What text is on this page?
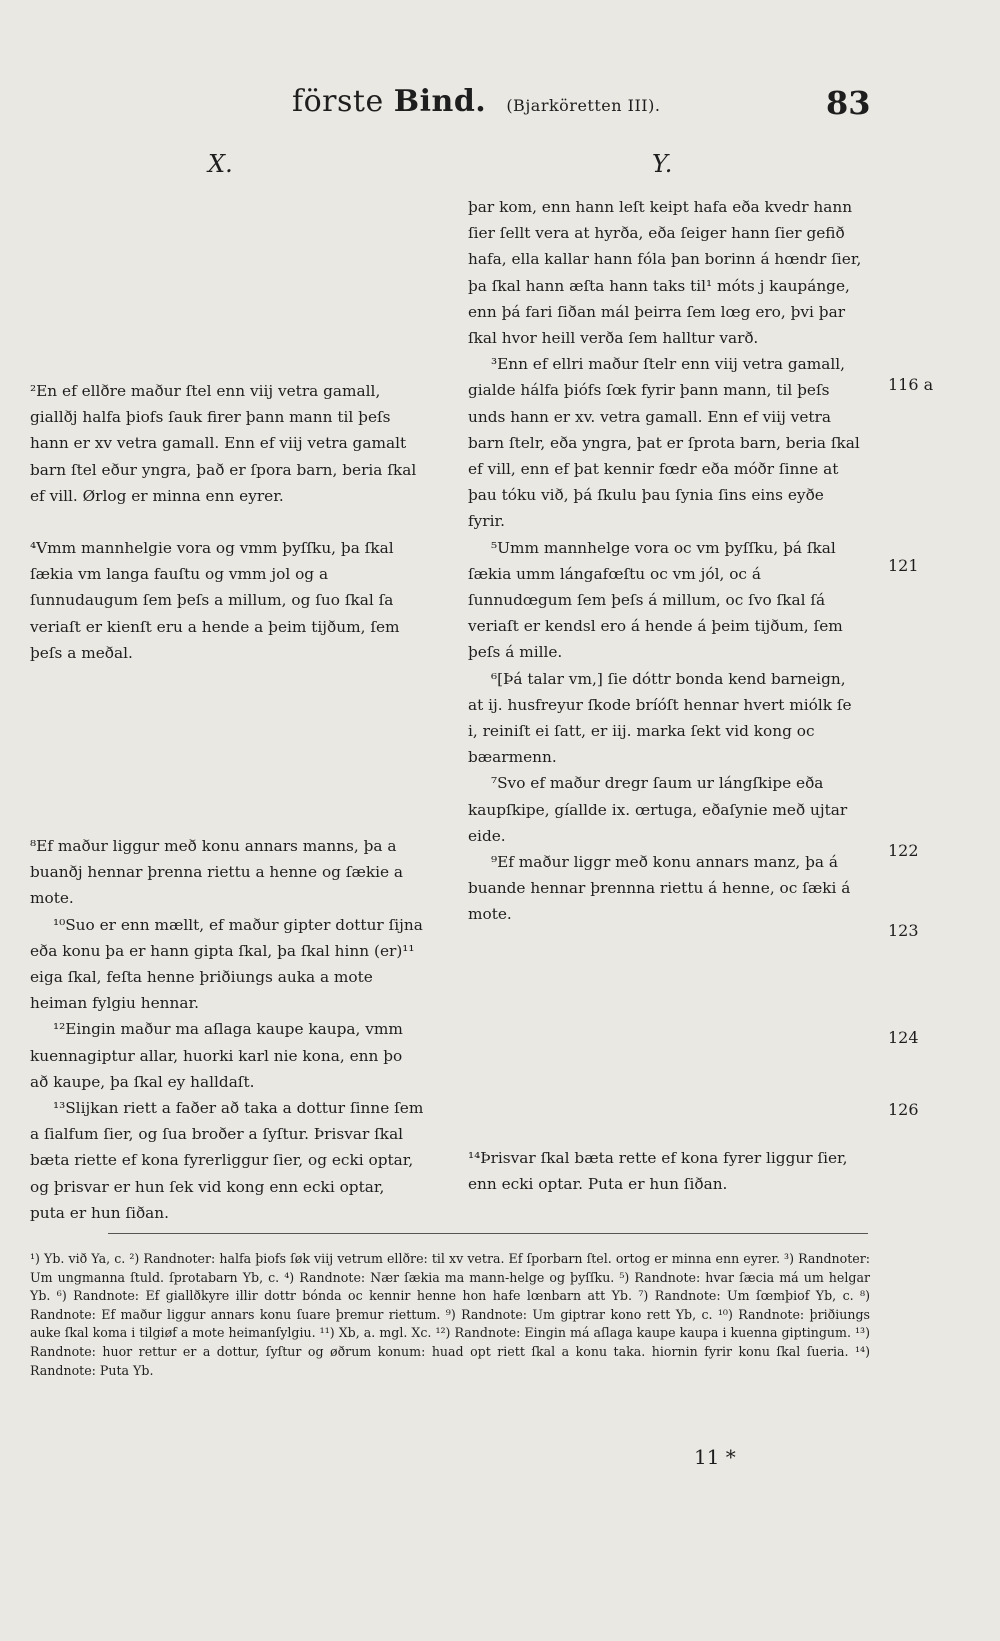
förste Bind. (Bjarköretten III).	83
X.	Y.

²En ef ellðre maður ſtel enn viij vetra gamall, giallðj halfa þiofs ſauk firer þann mann til þeſs hann er xv vetra gamall. Enn ef viij vetra gamalt barn ſtel eður yngra, það er ſpora barn, beria ſkal ef vill. Ørlog er minna enn eyrer.

⁴Vmm mannhelgie vora og vmm þyſſku, þa ſkal ſækia vm langa fauſtu og vmm jol og a ſunnudaugum ſem þeſs a millum, og ſuo ſkal ſa veriaſt er kienſt eru a hende a þeim tijðum, ſem þeſs a meðal.

⁸Ef maður liggur með konu annars manns, þa a buanðj hennar þrenna riettu a henne og ſækie a mote.

¹⁰Suo er enn mællt, ef maður gipter dottur ſijna eða konu þa er hann gipta ſkal, þa ſkal hinn (er)¹¹ eiga ſkal, feſta henne þriðiungs auka a mote heiman fylgiu hennar.

¹²Eingin maður ma aſlaga kaupe kaupa, vmm kuennagiptur allar, huorki karl nie kona, enn þo að kaupe, þa ſkal ey halldaſt.

¹³Slijkan riett a faðer að taka a dottur ſinne ſem a ſialfum ſier, og ſua broðer a ſyſtur. Þrisvar ſkal bæta riette ef kona fyrerliggur ſier, og ecki optar, og þrisvar er hun ſek vid kong enn ecki optar, puta er hun ſiðan.

þar kom, enn hann leſt keipt hafa eða kvedr hann ſier ſellt vera at hyrða, eða ſeiger hann ſier gefið hafa, ella kallar hann fóla þan borinn á hœndr ſier, þa ſkal hann æſta hann taks til¹ móts j kaupánge, enn þá fari ſiðan mál þeirra ſem lœg ero, þvi þar ſkal hvor heill verða ſem halltur varð.

³Enn ef ellri maður ſtelr enn viij vetra gamall, gialde hálfa þiófs ſœk fyrir þann mann, til þeſs unds hann er xv. vetra gamall. Enn ef viij vetra barn ſtelr, eða yngra, þat er ſprota barn, beria ſkal ef vill, enn ef þat kennir fœdr eða móðr ſinne at þau tóku við, þá ſkulu þau ſynia ſins eins eyðe fyrir.

⁵Umm mannhelge vora oc vm þyſſku, þá ſkal ſækia umm lángafœſtu oc vm jól, oc á ſunnudœgum ſem þeſs á millum, oc ſvo ſkal ſá veriaſt er kendsl ero á hende á þeim tijðum, ſem þeſs á mille.

⁶[Þá talar vm,] ſie dóttr bonda kend barneign, at ij. husfreyur ſkode bríóſt hennar hvert miólk ſe i, reiniſt ei ſatt, er iij. marka ſekt vid kong oc bæarmenn.

⁷Svo ef maður dregr ſaum ur lángſkipe eða kaupſkipe, gíallde ix. œrtuga, eðaſynie með ujtar eide.

⁹Ef maður liggr með konu annars manz, þa á buande hennar þrennna riettu á henne, oc ſæki á mote.

¹⁴Þrisvar ſkal bæta rette ef kona fyrer liggur ſier, enn ecki optar. Puta er hun ſiðan.

116 a
121
122
123
124
126
¹) Yb. við Ya, c. ²) Randnoter: halfa þiofs ſøk viij vetrum ellðre: til xv vetra. Ef ſporbarn ſtel. ortog er minna enn eyrer. ³) Randnoter: Um ungmanna ſtuld. ſprotabarn Yb, c. ⁴) Randnote: Nær ſækia ma mann-helge og þyſſku. ⁵) Randnote: hvar ſæcia má um helgar Yb. ⁶) Randnote: Ef giallðkyre illir dottr bónda oc kennir henne hon hafe lœnbarn att Yb. ⁷) Randnote: Um ſœmþiof Yb, c. ⁸) Randnote: Ef maður liggur annars konu ſuare þremur riettum. ⁹) Randnote: Um giptrar kono rett Yb, c. ¹⁰) Randnote: þriðiungs auke ſkal koma i tilgiøf a mote heimanſylgiu. ¹¹) Xb, a. mgl. Xc. ¹²) Randnote: Eingin má aſlaga kaupe kaupa i kuenna giptingum. ¹³) Randnote: huor rettur er a dottur, ſyſtur og øðrum konum: huad opt riett ſkal a konu taka. hiornin fyrir konu ſkal ſueria. ¹⁴) Randnote: Puta Yb.
11 *
